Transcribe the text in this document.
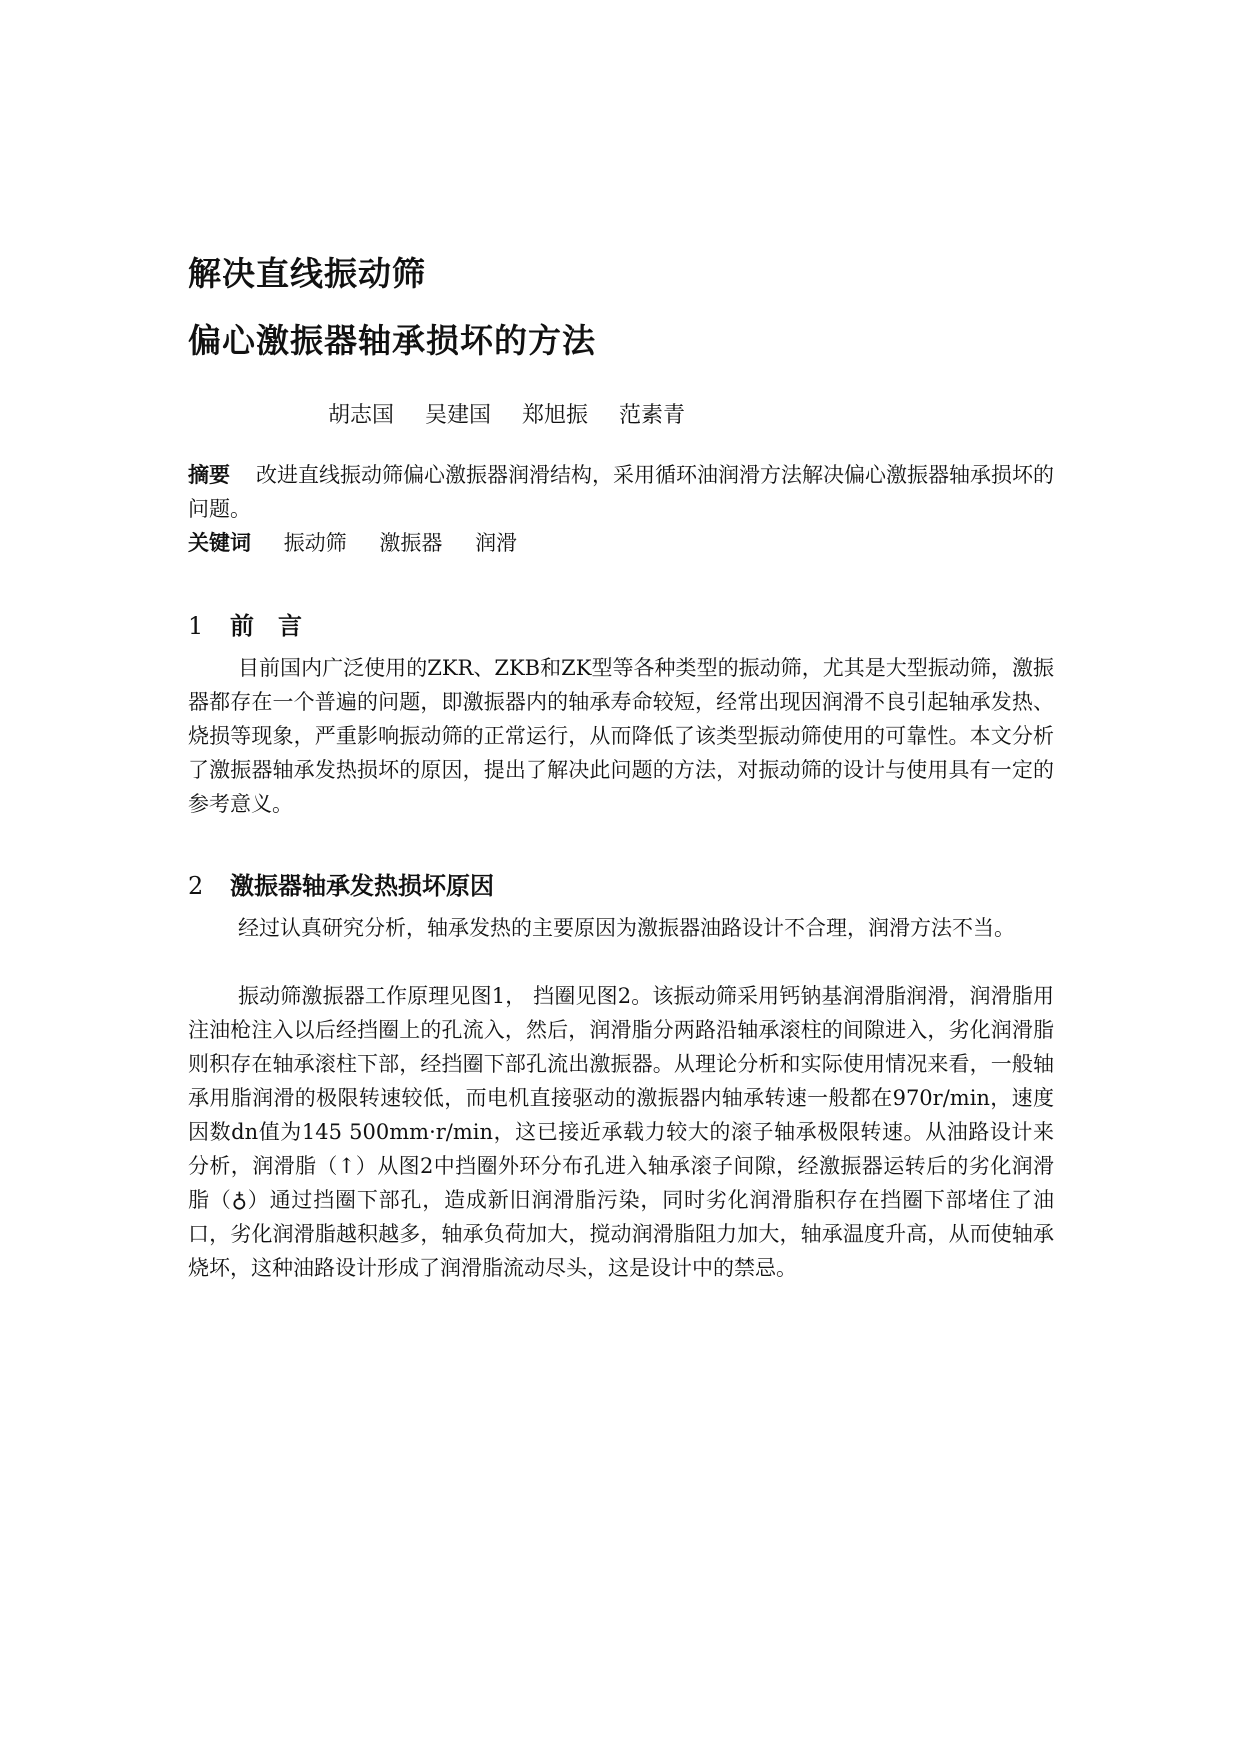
解决直线振动筛
偏心激振器轴承损坏的方法

胡志国 吴建国 郑旭振 范素青

摘要 改进直线振动筛偏心激振器润滑结构，采用循环油润滑方法解决偏心激振器轴承损坏的问题。

关键词 振动筛 激振器 润滑

1 前　言

目前国内广泛使用的ZKR、ZKB和ZK型等各种类型的振动筛，尤其是大型振动筛，激振器都存在一个普遍的问题，即激振器内的轴承寿命较短，经常出现因润滑不良引起轴承发热、烧损等现象，严重影响振动筛的正常运行，从而降低了该类型振动筛使用的可靠性。本文分析了激振器轴承发热损坏的原因，提出了解决此问题的方法，对振动筛的设计与使用具有一定的参考意义。

2 激振器轴承发热损坏原因

经过认真研究分析，轴承发热的主要原因为激振器油路设计不合理，润滑方法不当。

振动筛激振器工作原理见图1， 挡圈见图2。该振动筛采用钙钠基润滑脂润滑，润滑脂用注油枪注入以后经挡圈上的孔流入，然后，润滑脂分两路沿轴承滚柱的间隙进入，劣化润滑脂则积存在轴承滚柱下部，经挡圈下部孔流出激振器。从理论分析和实际使用情况来看，一般轴承用脂润滑的极限转速较低，而电机直接驱动的激振器内轴承转速一般都在970r/min，速度因数dn值为145 500mm·r/min，这已接近承载力较大的滚子轴承极限转速。从油路设计来分析，润滑脂（↑）从图2中挡圈外环分布孔进入轴承滚子间隙，经激振器运转后的劣化润滑脂（♁）通过挡圈下部孔，造成新旧润滑脂污染，同时劣化润滑脂积存在挡圈下部堵住了油口，劣化润滑脂越积越多，轴承负荷加大，搅动润滑脂阻力加大，轴承温度升高，从而使轴承烧坏，这种油路设计形成了润滑脂流动尽头，这是设计中的禁忌。
